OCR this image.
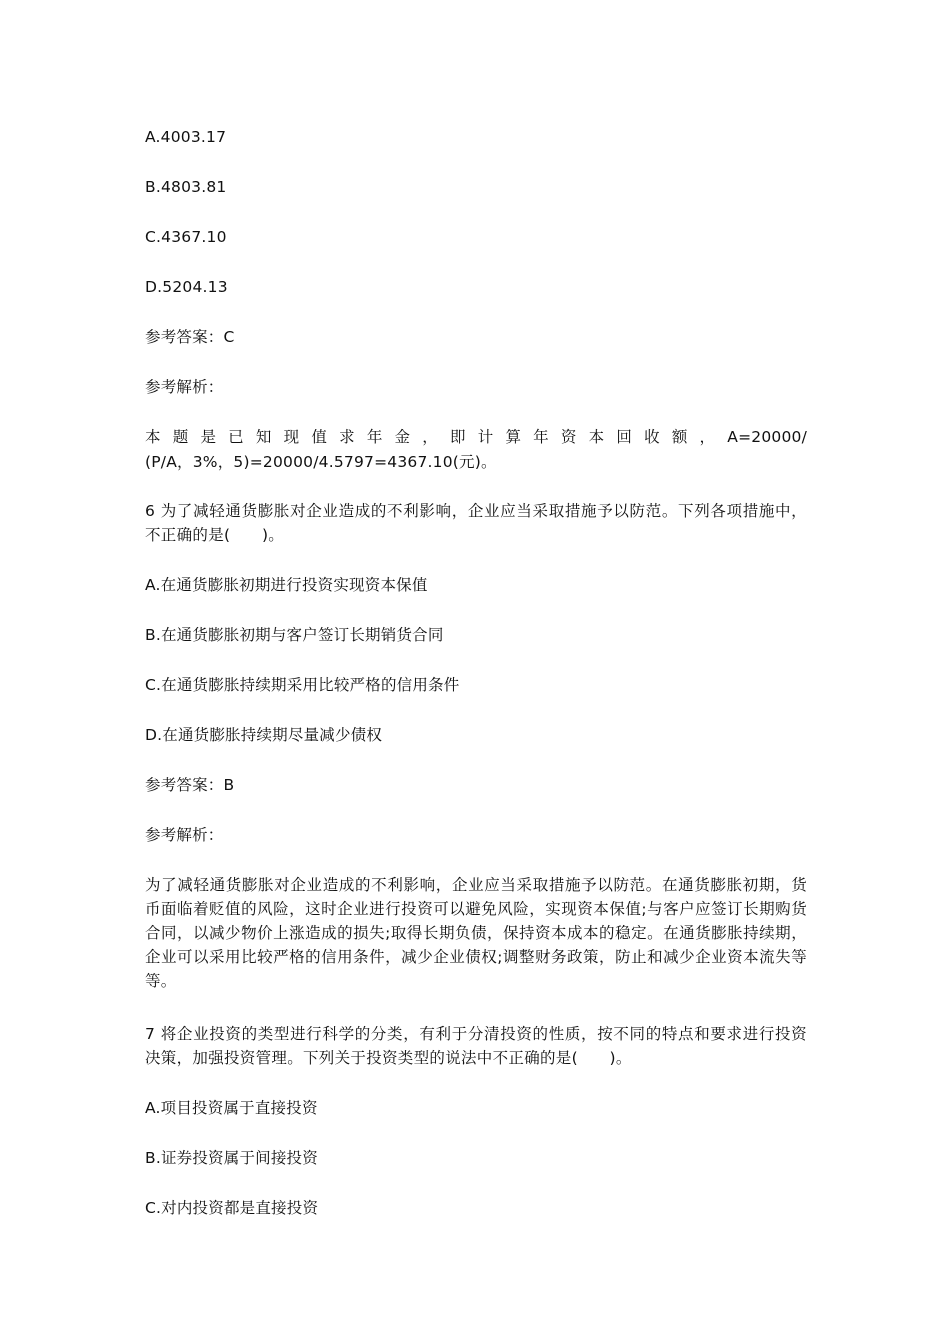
A.4003.17
B.4803.81
C.4367.10
D.5204.13
参考答案：C
参考解析：
本 题 是 已 知 现 值 求 年 金 ， 即 计 算 年 资 本 回 收 额 ， A=20000/
(P/A，3%，5)=20000/4.5797=4367.10(元)。
6 为了减轻通货膨胀对企业造成的不利影响，企业应当采取措施予以防范。下列各项措施中，不正确的是(　　)。
A.在通货膨胀初期进行投资实现资本保值
B.在通货膨胀初期与客户签订长期销货合同
C.在通货膨胀持续期采用比较严格的信用条件
D.在通货膨胀持续期尽量减少债权
参考答案：B
参考解析：
为了减轻通货膨胀对企业造成的不利影响，企业应当采取措施予以防范。在通货膨胀初期，货币面临着贬值的风险，这时企业进行投资可以避免风险，实现资本保值;与客户应签订长期购货合同，以减少物价上涨造成的损失;取得长期负债，保持资本成本的稳定。在通货膨胀持续期，企业可以采用比较严格的信用条件，减少企业债权;调整财务政策，防止和减少企业资本流失等等。
7 将企业投资的类型进行科学的分类，有利于分清投资的性质，按不同的特点和要求进行投资决策，加强投资管理。下列关于投资类型的说法中不正确的是(　　)。
A.项目投资属于直接投资
B.证券投资属于间接投资
C.对内投资都是直接投资
